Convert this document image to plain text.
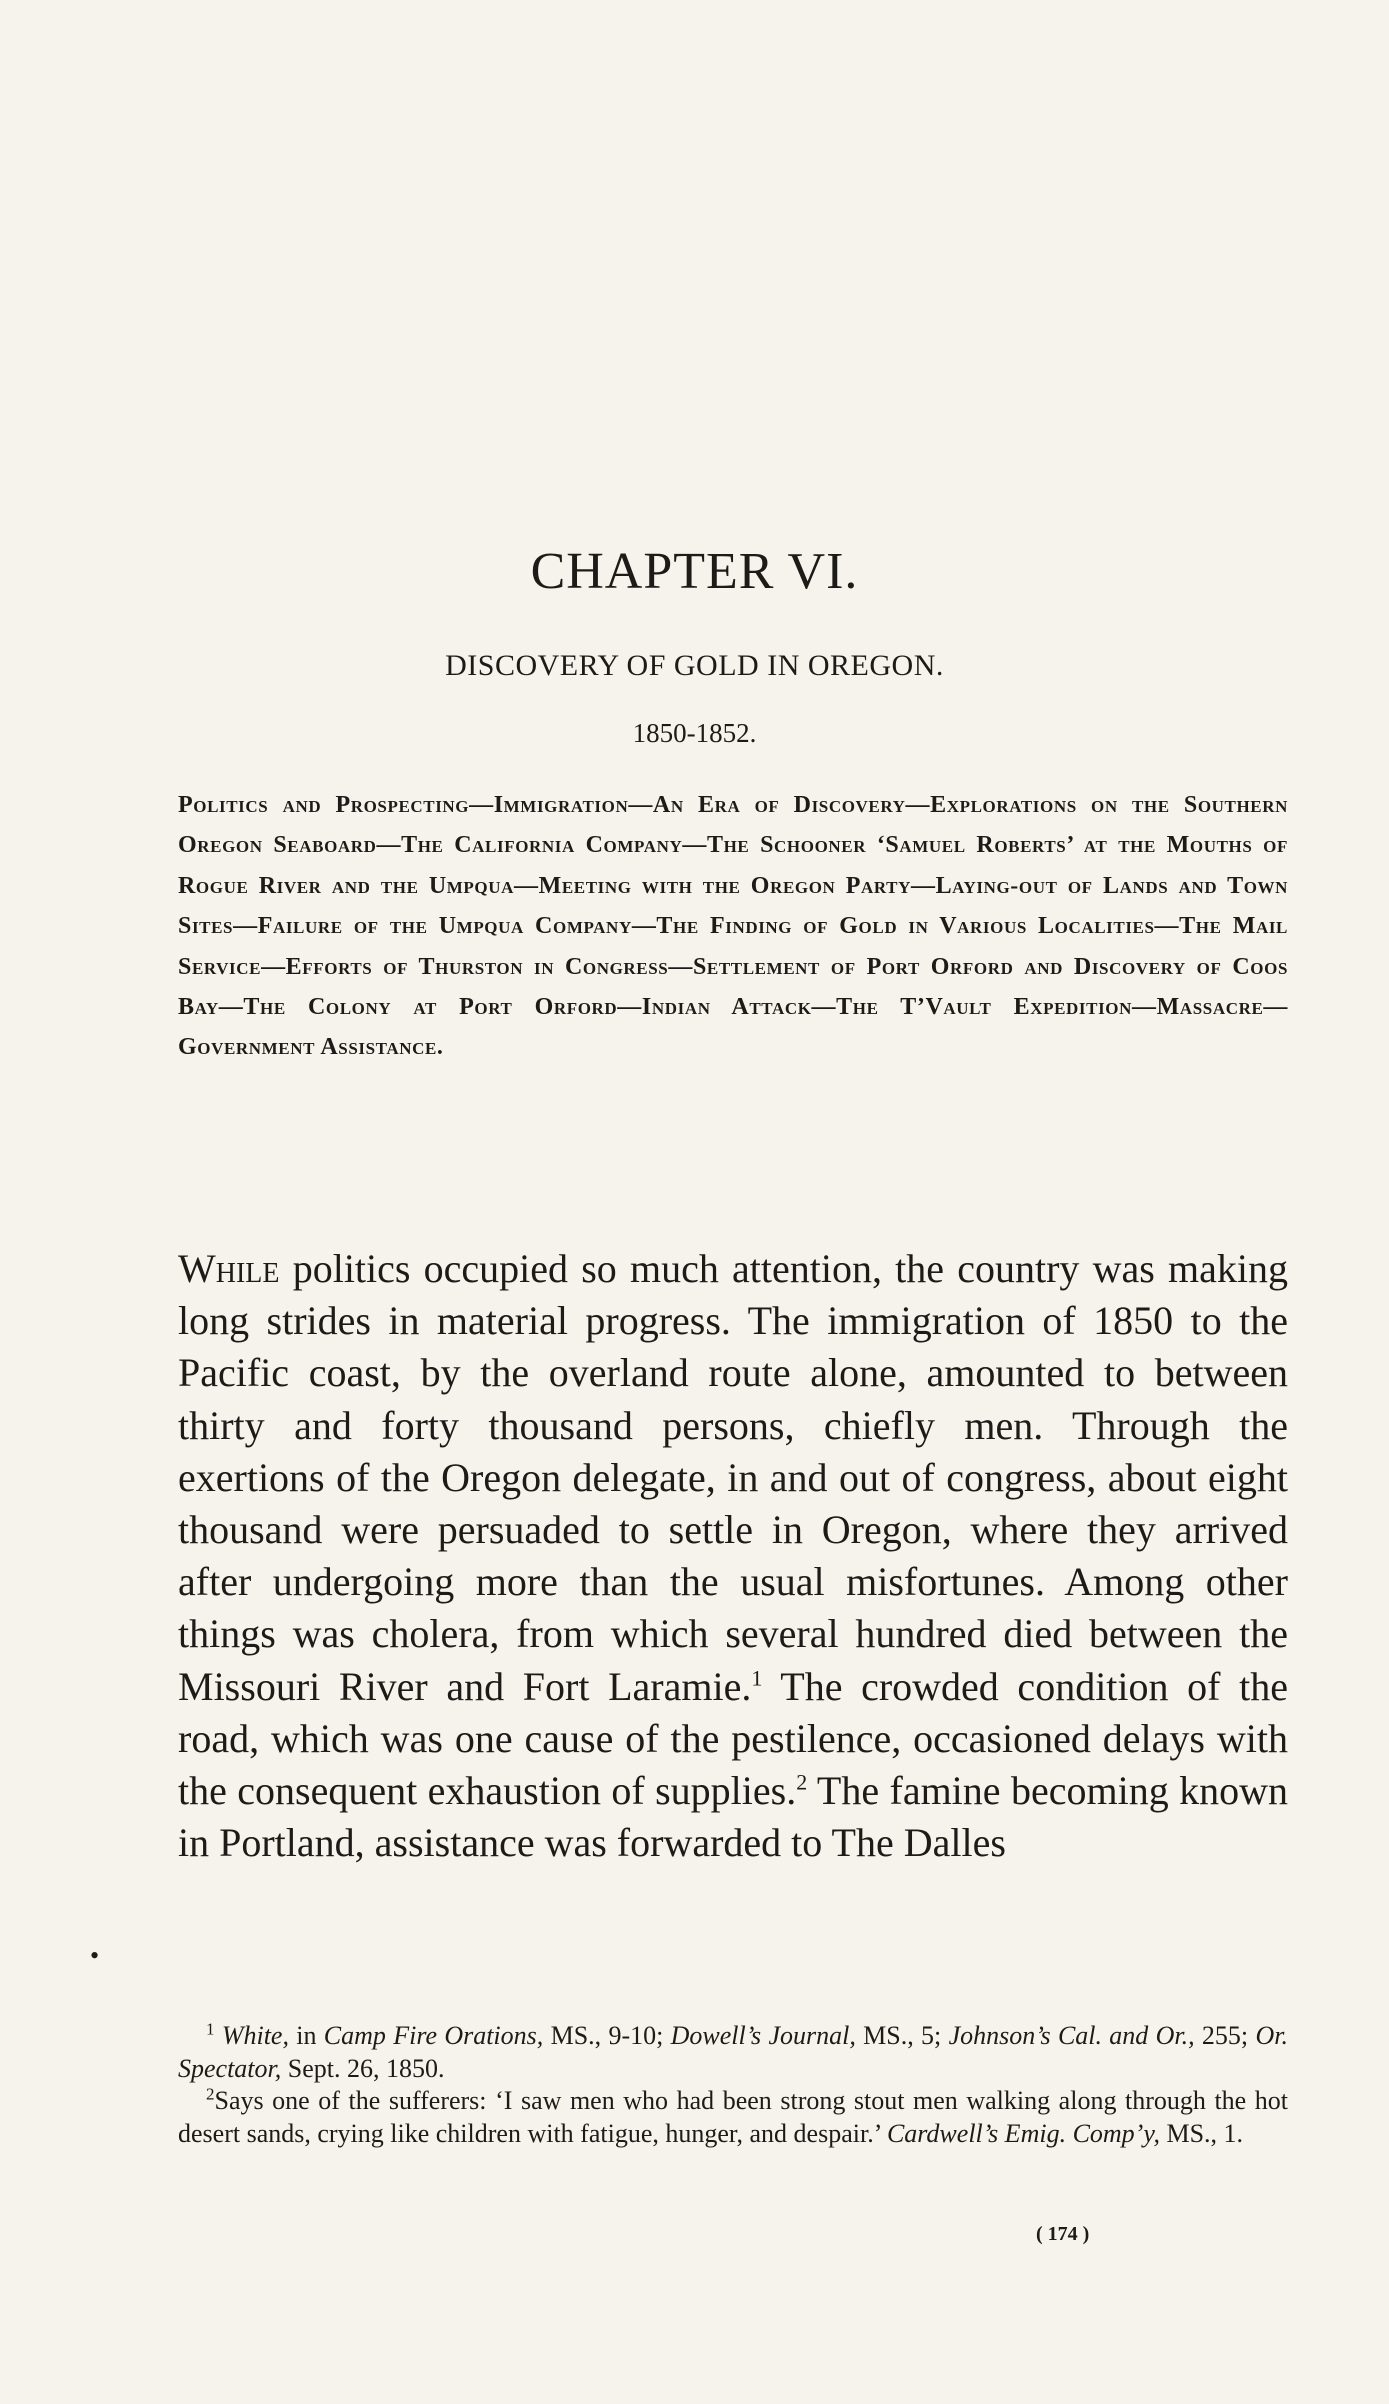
CHAPTER VI.
DISCOVERY OF GOLD IN OREGON.
1850-1852.

Politics and Prospecting—Immigration—An Era of Discovery—Explorations on the Southern Oregon Seaboard—The California Company—The Schooner ‘Samuel Roberts’ at the Mouths of Rogue River and the Umpqua—Meeting with the Oregon Party—Laying-out of Lands and Town Sites—Failure of the Umpqua Company—The Finding of Gold in Various Localities—The Mail Service—Efforts of Thurston in Congress—Settlement of Port Orford and Discovery of Coos Bay—The Colony at Port Orford—Indian Attack—The T’Vault Expedition—Massacre—Government Assistance.

While politics occupied so much attention, the country was making long strides in material progress. The immigration of 1850 to the Pacific coast, by the overland route alone, amounted to between thirty and forty thousand persons, chiefly men. Through the exertions of the Oregon delegate, in and out of congress, about eight thousand were persuaded to settle in Oregon, where they arrived after undergoing more than the usual misfortunes. Among other things was cholera, from which several hundred died between the Missouri River and Fort Laramie.$^1$ The crowded condition of the road, which was one cause of the pestilence, occasioned delays with the consequent exhaustion of supplies.$^2$ The famine becoming known in Portland, assistance was forwarded to The Dalles

•

$^1$ White, in Camp Fire Orations, MS., 9-10; Dowell’s Journal, MS., 5; Johnson’s Cal. and Or., 255; Or. Spectator, Sept. 26, 1850.

$^2$Says one of the sufferers: ‘I saw men who had been strong stout men walking along through the hot desert sands, crying like children with fatigue, hunger, and despair.’ Cardwell’s Emig. Comp’y, MS., 1.

( 174 )
